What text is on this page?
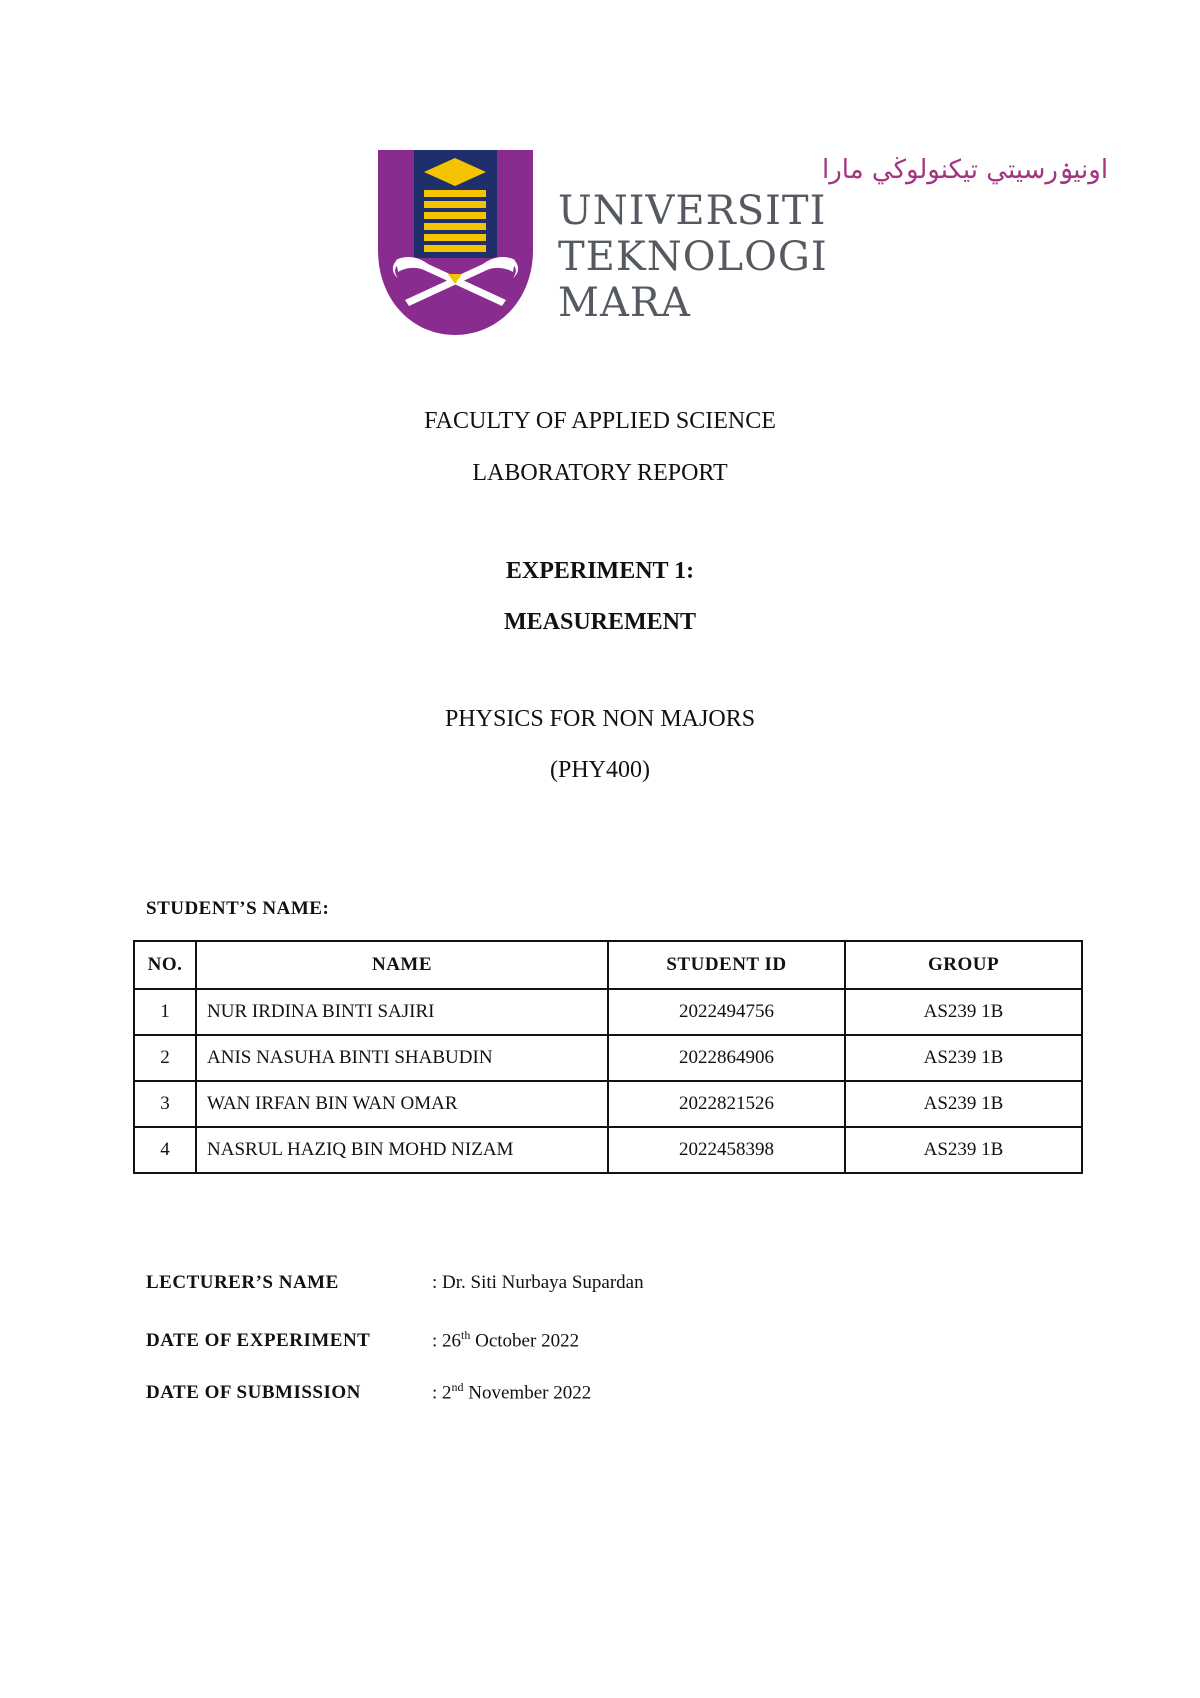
اونيۏرسيتي تيكنولوڬي مارا
UNIVERSITI
TEKNOLOGI
MARA
FACULTY OF APPLIED SCIENCE
LABORATORY REPORT
EXPERIMENT 1:
MEASUREMENT
PHYSICS FOR NON MAJORS
(PHY400)
STUDENT’S NAME:
NO.	NAME	STUDENT ID	GROUP
1	NUR IRDINA BINTI SAJIRI	2022494756	AS239 1B
2	ANIS NASUHA BINTI SHABUDIN	2022864906	AS239 1B
3	WAN IRFAN BIN WAN OMAR	2022821526	AS239 1B
4	NASRUL HAZIQ BIN MOHD NIZAM	2022458398	AS239 1B
LECTURER’S NAME	: Dr. Siti Nurbaya Supardan
DATE OF EXPERIMENT	: 26th October 2022
DATE OF SUBMISSION	: 2nd November 2022
